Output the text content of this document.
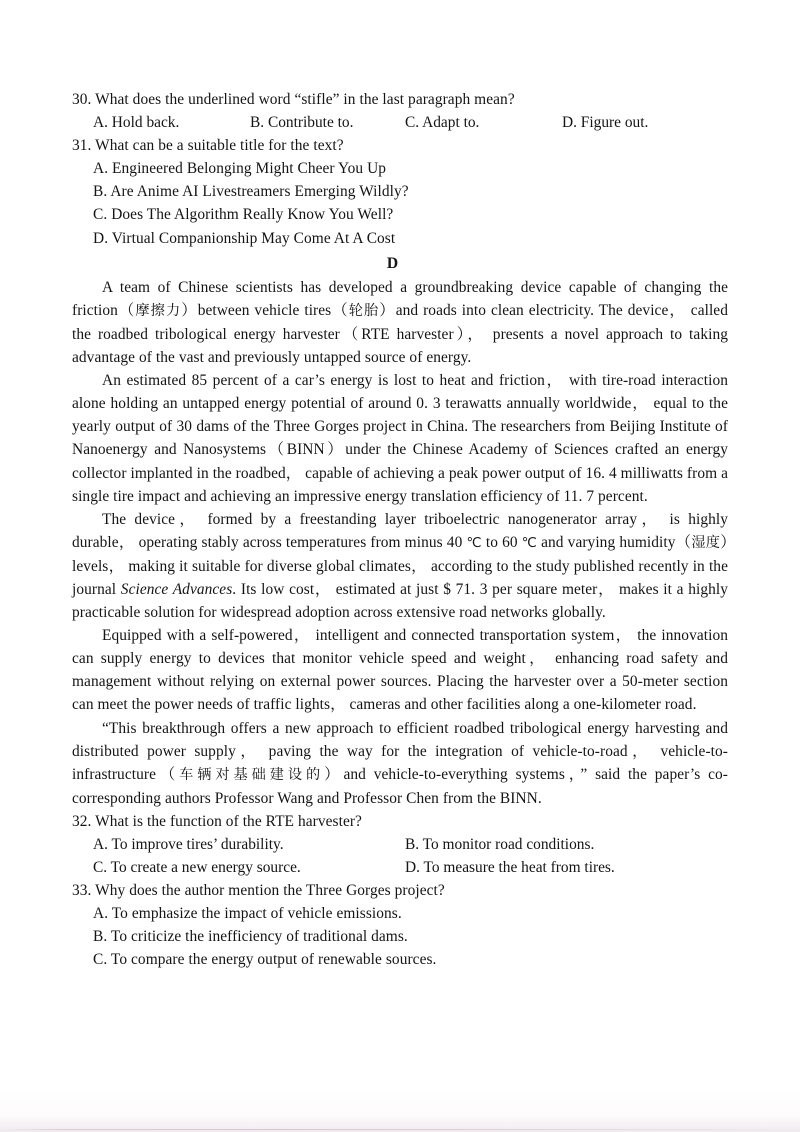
30. What does the underlined word “stifle” in the last paragraph mean?

A. Hold back.	B. Contribute to.	C. Adapt to.	D. Figure out.

31. What can be a suitable title for the text?

A. Engineered Belonging Might Cheer You Up

B. Are Anime AI Livestreamers Emerging Wildly?

C. Does The Algorithm Really Know You Well?

D. Virtual Companionship May Come At A Cost

D

A team of Chinese scientists has developed a groundbreaking device capable of changing the friction（摩擦力）between vehicle tires（轮胎）and roads into clean electricity. The device， called the roadbed tribological energy harvester（RTE harvester）， presents a novel approach to taking advantage of the vast and previously untapped source of energy.

An estimated 85 percent of a car’s energy is lost to heat and friction， with tire-road interaction alone holding an untapped energy potential of around 0. 3 terawatts annually worldwide， equal to the yearly output of 30 dams of the Three Gorges project in China. The researchers from Beijing Institute of Nanoenergy and Nanosystems（BINN）under the Chinese Academy of Sciences crafted an energy collector implanted in the roadbed， capable of achieving a peak power output of 16. 4 milliwatts from a single tire impact and achieving an impressive energy translation efficiency of 11. 7 percent.

The device， formed by a freestanding layer triboelectric nanogenerator array， is highly durable， operating stably across temperatures from minus 40 ℃ to 60 ℃ and varying humidity（湿度）levels， making it suitable for diverse global climates， according to the study published recently in the journal Science Advances. Its low cost， estimated at just $ 71. 3 per square meter， makes it a highly practicable solution for widespread adoption across extensive road networks globally.

Equipped with a self-powered， intelligent and connected transportation system， the innovation can supply energy to devices that monitor vehicle speed and weight， enhancing road safety and management without relying on external power sources. Placing the harvester over a 50-meter section can meet the power needs of traffic lights， cameras and other facilities along a one-kilometer road.

“This breakthrough offers a new approach to efficient roadbed tribological energy harvesting and distributed power supply， paving the way for the integration of vehicle-to-road， vehicle-to-infrastructure（车辆对基础建设的）and vehicle-to-everything systems，” said the paper’s co-corresponding authors Professor Wang and Professor Chen from the BINN.

32. What is the function of the RTE harvester?

A. To improve tires’ durability.	B. To monitor road conditions.
C. To create a new energy source.	D. To measure the heat from tires.

33. Why does the author mention the Three Gorges project?

A. To emphasize the impact of vehicle emissions.

B. To criticize the inefficiency of traditional dams.

C. To compare the energy output of renewable sources.
